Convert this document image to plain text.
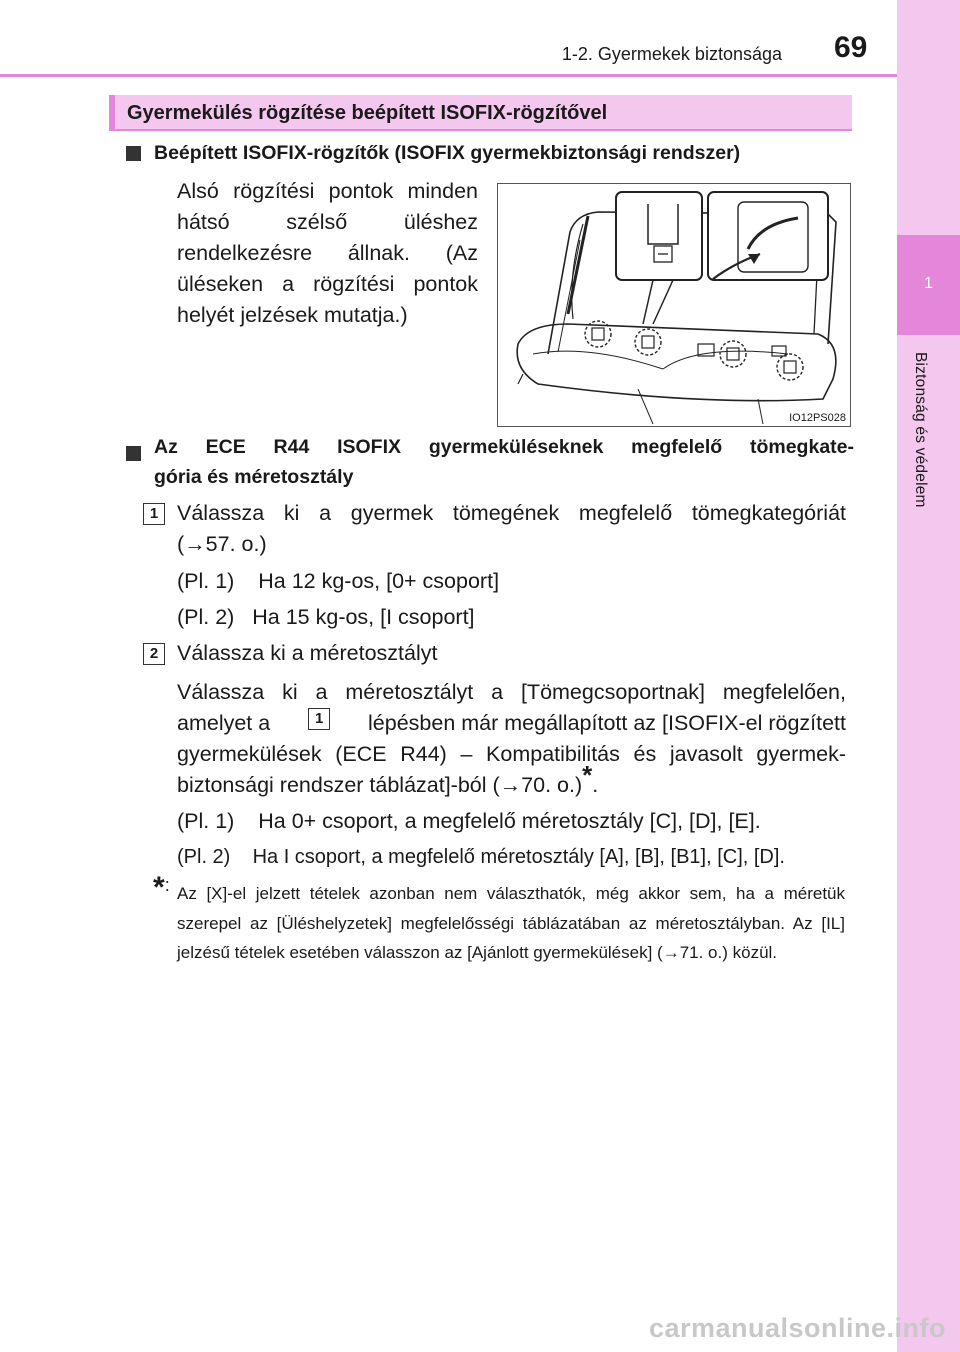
1
Biztonság és védelem
1-2. Gyermekek biztonsága 69
Gyermekülés rögzítése beépített ISOFIX-rögzítővel
Beépített ISOFIX-rögzítők (ISOFIX gyermekbiztonsági rendszer)
Alsó rögzítési pontok minden hátsó szélső üléshez rendelkezésre állnak. (Az üléseken a rögzítési pontok helyét jelzések mutatja.)
IO12PS028
Az ECE R44 ISOFIX gyermeküléseknek megfelelő tömegkate-
gória és méretosztály
1 Válassza ki a gyermek tömegének megfelelő tömegkategóriát
(→57. o.)
(Pl. 1)    Ha 12 kg-os, [0+ csoport]
(Pl. 2)   Ha 15 kg-os, [I csoport]
2 Válassza ki a méretosztályt
Válassza ki a méretosztályt a [Tömegcsoportnak] megfelelően,
amelyet a	1	lépésben már megállapított az [ISOFIX-el rögzített
gyermekülések (ECE R44) – Kompatibilitás és javasolt gyermek-
biztonsági rendszer táblázat]-ból (→70. o.)*.
(Pl. 1)    Ha 0+ csoport, a megfelelő méretosztály [C], [D], [E].
(Pl. 2)    Ha I csoport, a megfelelő méretosztály [A], [B], [B1], [C], [D].
*: Az [X]-el jelzett tételek azonban nem választhatók, még akkor sem, ha a méretük szerepel az [Üléshelyzetek] megfelelősségi táblázatában az méretosztályban. Az [IL] jelzésű tételek esetében válasszon az [Ajánlott gyermekülések] (→71. o.) közül.
carmanualsonline.info
